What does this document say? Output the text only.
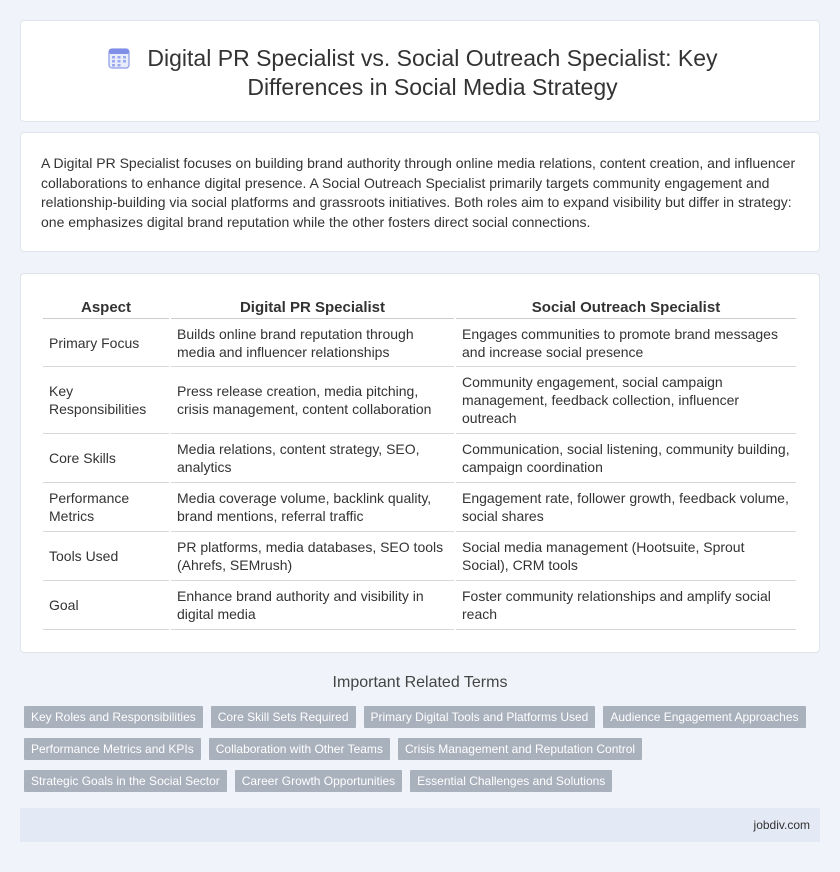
Digital PR Specialist vs. Social Outreach Specialist: Key Differences in Social Media Strategy

A Digital PR Specialist focuses on building brand authority through online media relations, content creation, and influencer collaborations to enhance digital presence. A Social Outreach Specialist primarily targets community engagement and relationship-building via social platforms and grassroots initiatives. Both roles aim to expand visibility but differ in strategy: one emphasizes digital brand reputation while the other fosters direct social connections.

Aspect	Digital PR Specialist	Social Outreach Specialist
Primary Focus	Builds online brand reputation through media and influencer relationships	Engages communities to promote brand messages and increase social presence
Key Responsibilities	Press release creation, media pitching, crisis management, content collaboration	Community engagement, social campaign management, feedback collection, influencer outreach
Core Skills	Media relations, content strategy, SEO, analytics	Communication, social listening, community building, campaign coordination
Performance Metrics	Media coverage volume, backlink quality, brand mentions, referral traffic	Engagement rate, follower growth, feedback volume, social shares
Tools Used	PR platforms, media databases, SEO tools (Ahrefs, SEMrush)	Social media management (Hootsuite, Sprout Social), CRM tools
Goal	Enhance brand authority and visibility in digital media	Foster community relationships and amplify social reach
Important Related Terms
Key Roles and Responsibilities	Core Skill Sets Required	Primary Digital Tools and Platforms Used	Audience Engagement Approaches
Performance Metrics and KPIs	Collaboration with Other Teams	Crisis Management and Reputation Control
Strategic Goals in the Social Sector	Career Growth Opportunities	Essential Challenges and Solutions
jobdiv.com
